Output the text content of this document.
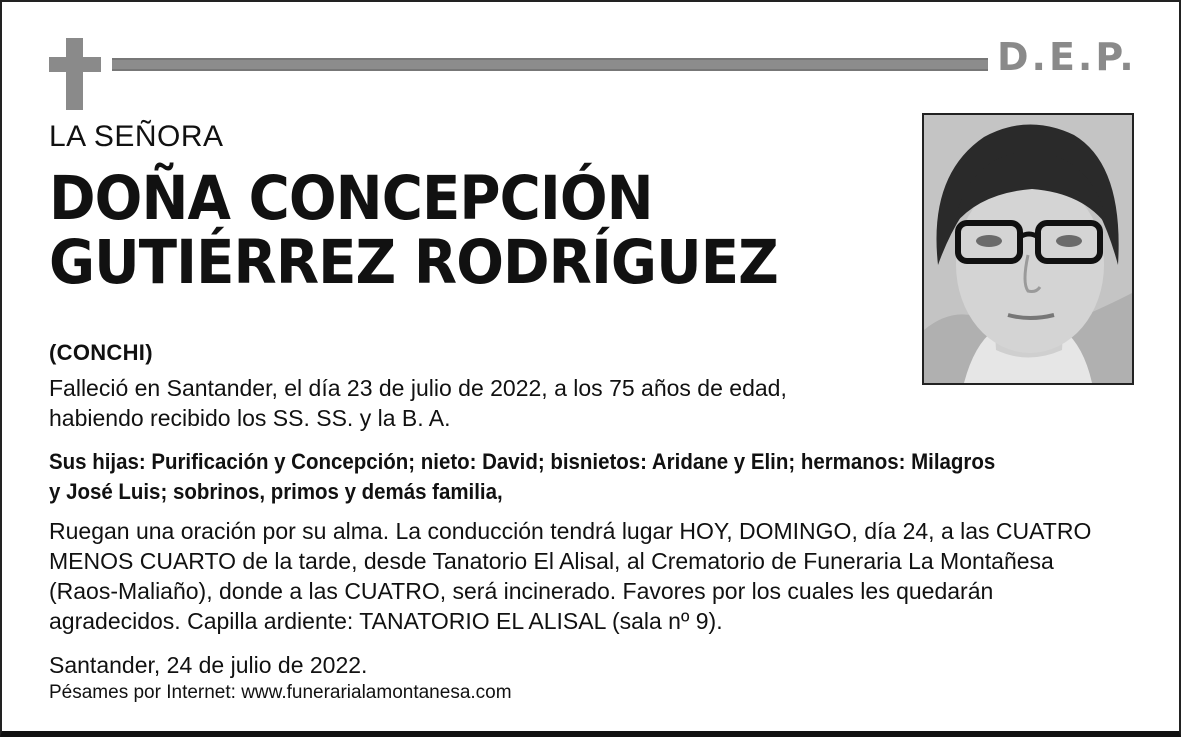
D.E.P.
LA SEÑORA
DOÑA CONCEPCIÓN
GUTIÉRREZ RODRÍGUEZ
(CONCHI)
Falleció en Santander, el día 23 de julio de 2022, a los 75 años de edad,
habiendo recibido los SS. SS. y la B. A.
Sus hijas: Purificación y Concepción; nieto: David; bisnietos: Aridane y Elin; hermanos: Milagros
y José Luis; sobrinos, primos y demás familia,
Ruegan una oración por su alma. La conducción tendrá lugar HOY, DOMINGO, día 24, a las CUATRO
MENOS CUARTO de la tarde, desde Tanatorio El Alisal, al Crematorio de Funeraria La Montañesa
(Raos-Maliaño), donde a las CUATRO, será incinerado. Favores por los cuales les quedarán
agradecidos. Capilla ardiente: TANATORIO EL ALISAL (sala nº 9).
Santander, 24 de julio de 2022.
Pésames por Internet: www.funerarialamontanesa.com
